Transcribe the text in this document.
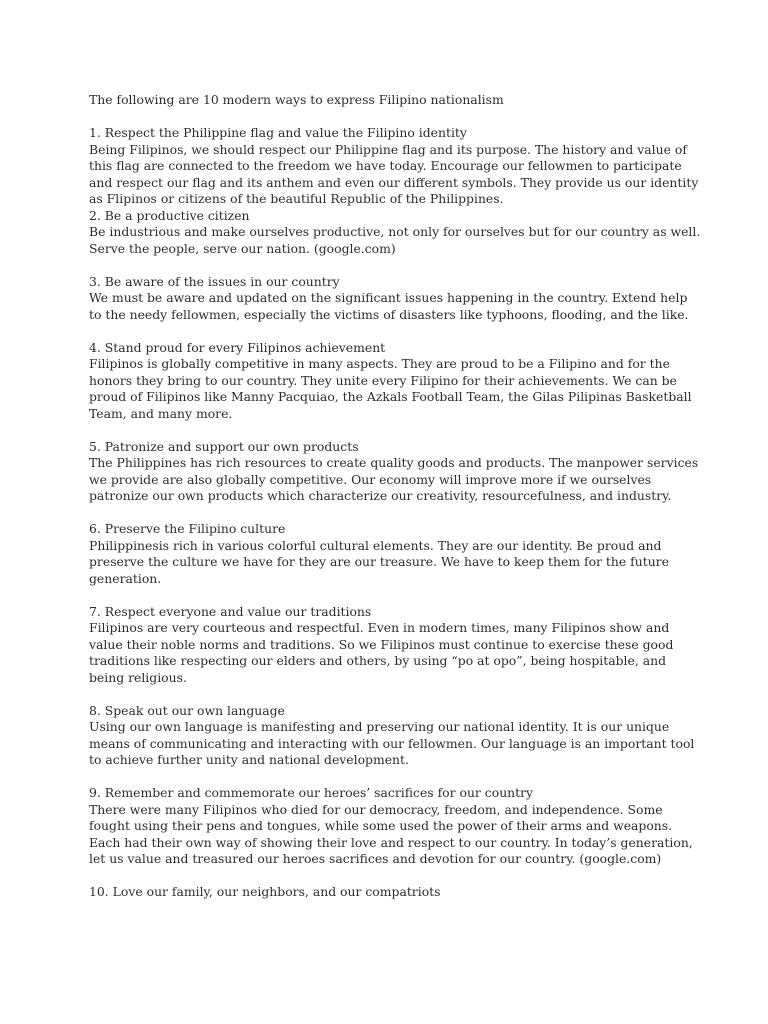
The following are 10 modern ways to express Filipino nationalism

1. Respect the Philippine flag and value the Filipino identity

Being Filipinos, we should respect our Philippine flag and its purpose. The history and value of

this flag are connected to the freedom we have today. Encourage our fellowmen to participate

and respect our flag and its anthem and even our different symbols. They provide us our identity

as Flipinos or citizens of the beautiful Republic of the Philippines.

2. Be a productive citizen

Be industrious and make ourselves productive, not only for ourselves but for our country as well.

Serve the people, serve our nation. (google.com)

3. Be aware of the issues in our country

We must be aware and updated on the significant issues happening in the country. Extend help

to the needy fellowmen, especially the victims of disasters like typhoons, flooding, and the like.

4. Stand proud for every Filipinos achievement

Filipinos is globally competitive in many aspects. They are proud to be a Filipino and for the

honors they bring to our country. They unite every Filipino for their achievements. We can be

proud of Filipinos like Manny Pacquiao, the Azkals Football Team, the Gilas Pilipinas Basketball

Team, and many more.

5. Patronize and support our own products

The Philippines has rich resources to create quality goods and products. The manpower services

we provide are also globally competitive. Our economy will improve more if we ourselves

patronize our own products which characterize our creativity, resourcefulness, and industry.

6. Preserve the Filipino culture

Philippinesis rich in various colorful cultural elements. They are our identity. Be proud and

preserve the culture we have for they are our treasure. We have to keep them for the future

generation.

7. Respect everyone and value our traditions

Filipinos are very courteous and respectful. Even in modern times, many Filipinos show and

value their noble norms and traditions. So we Filipinos must continue to exercise these good

traditions like respecting our elders and others, by using “po at opo”, being hospitable, and

being religious.

8. Speak out our own language

Using our own language is manifesting and preserving our national identity. It is our unique

means of communicating and interacting with our fellowmen. Our language is an important tool

to achieve further unity and national development.

9. Remember and commemorate our heroes’ sacrifices for our country

There were many Filipinos who died for our democracy, freedom, and independence. Some

fought using their pens and tongues, while some used the power of their arms and weapons.

Each had their own way of showing their love and respect to our country. In today’s generation,

let us value and treasured our heroes sacrifices and devotion for our country. (google.com)

10. Love our family, our neighbors, and our compatriots
